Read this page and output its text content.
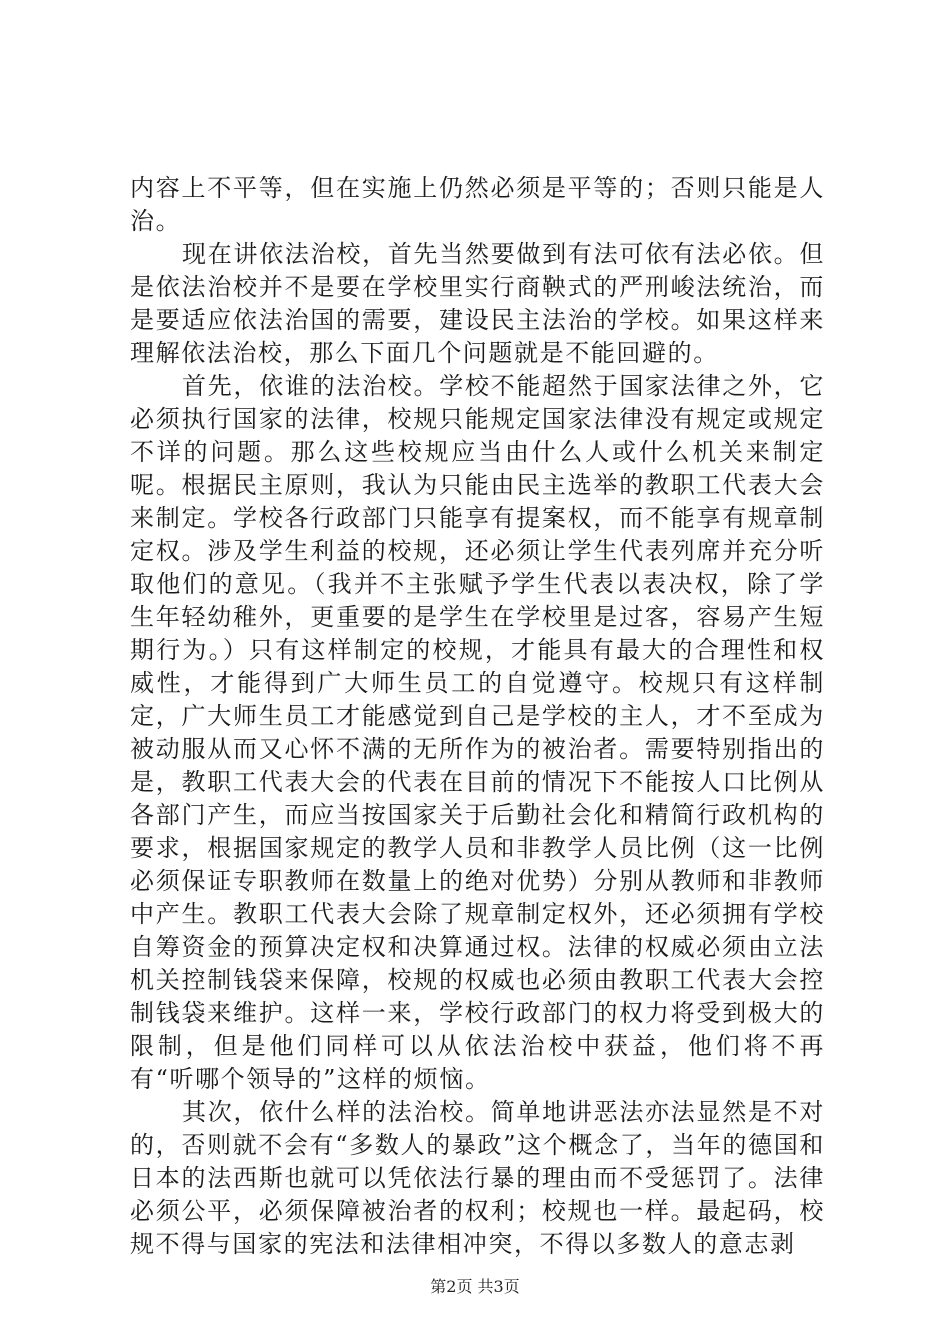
内容上不平等，但在实施上仍然必须是平等的；否则只能是人治。

现在讲依法治校，首先当然要做到有法可依有法必依。但是依法治校并不是要在学校里实行商鞅式的严刑峻法统治，而是要适应依法治国的需要，建设民主法治的学校。如果这样来理解依法治校，那么下面几个问题就是不能回避的。

首先，依谁的法治校。学校不能超然于国家法律之外，它必须执行国家的法律，校规只能规定国家法律没有规定或规定不详的问题。那么这些校规应当由什么人或什么机关来制定呢。根据民主原则，我认为只能由民主选举的教职工代表大会来制定。学校各行政部门只能享有提案权，而不能享有规章制定权。涉及学生利益的校规，还必须让学生代表列席并充分听取他们的意见。（我并不主张赋予学生代表以表决权，除了学生年轻幼稚外，更重要的是学生在学校里是过客，容易产生短期行为。）只有这样制定的校规，才能具有最大的合理性和权威性，才能得到广大师生员工的自觉遵守。校规只有这样制定，广大师生员工才能感觉到自己是学校的主人，才不至成为被动服从而又心怀不满的无所作为的被治者。需要特别指出的是，教职工代表大会的代表在目前的情况下不能按人口比例从各部门产生，而应当按国家关于后勤社会化和精简行政机构的要求，根据国家规定的教学人员和非教学人员比例（这一比例必须保证专职教师在数量上的绝对优势）分别从教师和非教师中产生。教职工代表大会除了规章制定权外，还必须拥有学校自筹资金的预算决定权和决算通过权。法律的权威必须由立法机关控制钱袋来保障，校规的权威也必须由教职工代表大会控制钱袋来维护。这样一来，学校行政部门的权力将受到极大的限制，但是他们同样可以从依法治校中获益，他们将不再有“听哪个领导的”这样的烦恼。

其次，依什么样的法治校。简单地讲恶法亦法显然是不对的，否则就不会有“多数人的暴政”这个概念了，当年的德国和日本的法西斯也就可以凭依法行暴的理由而不受惩罚了。法律必须公平，必须保障被治者的权利；校规也一样。最起码，校规不得与国家的宪法和法律相冲突，不得以多数人的意志剥

第2页 共3页
